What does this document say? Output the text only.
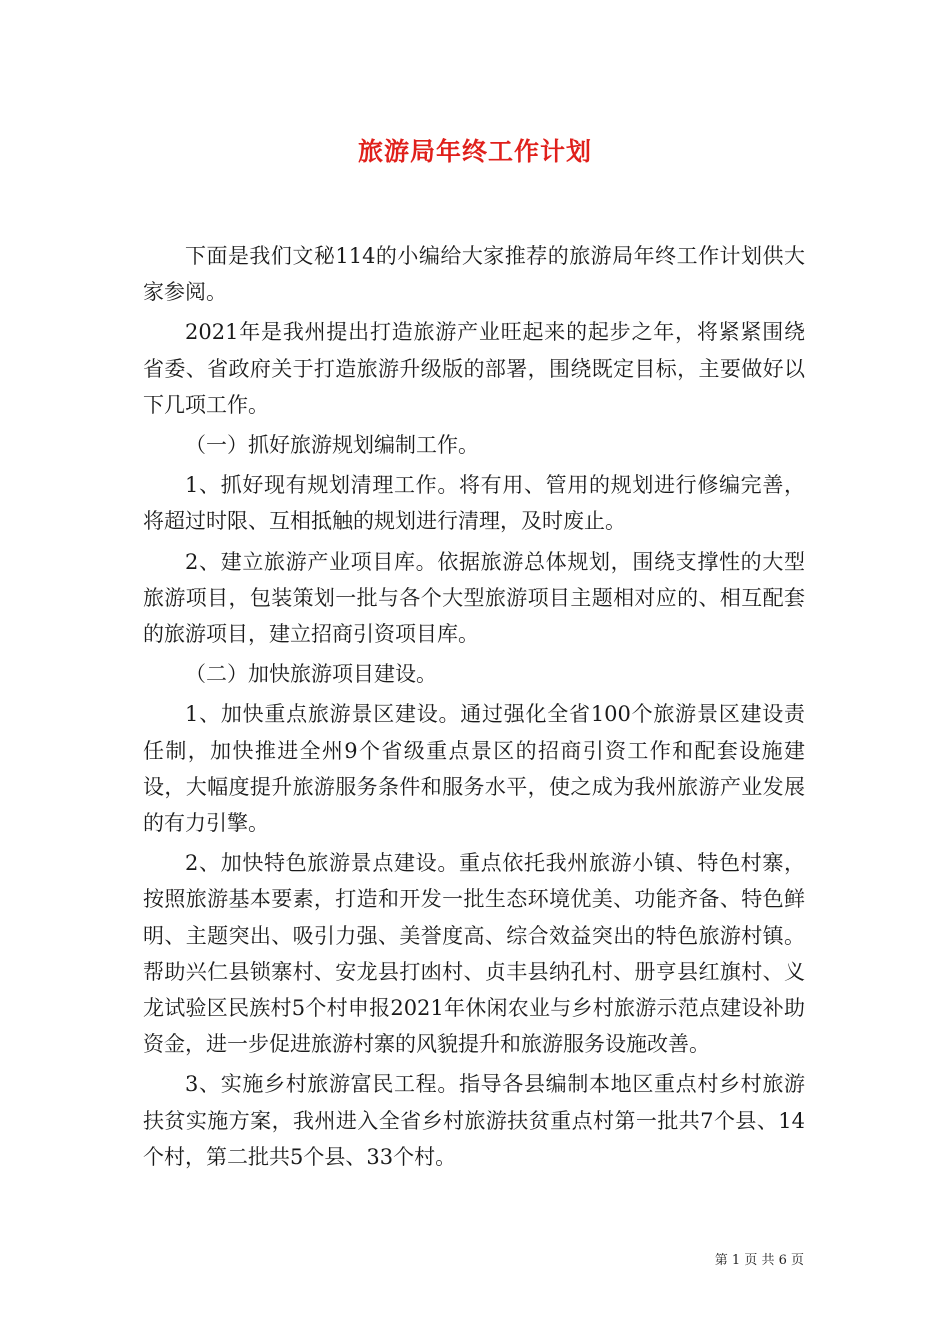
旅游局年终工作计划

下面是我们文秘114的小编给大家推荐的旅游局年终工作计划供大家参阅。

2021年是我州提出打造旅游产业旺起来的起步之年，将紧紧围绕省委、省政府关于打造旅游升级版的部署，围绕既定目标，主要做好以下几项工作。

（一）抓好旅游规划编制工作。

1、抓好现有规划清理工作。将有用、管用的规划进行修编完善，将超过时限、互相抵触的规划进行清理，及时废止。

2、建立旅游产业项目库。依据旅游总体规划，围绕支撑性的大型旅游项目，包装策划一批与各个大型旅游项目主题相对应的、相互配套的旅游项目，建立招商引资项目库。

（二）加快旅游项目建设。

1、加快重点旅游景区建设。通过强化全省100个旅游景区建设责任制，加快推进全州9个省级重点景区的招商引资工作和配套设施建设，大幅度提升旅游服务条件和服务水平，使之成为我州旅游产业发展的有力引擎。

2、加快特色旅游景点建设。重点依托我州旅游小镇、特色村寨，按照旅游基本要素，打造和开发一批生态环境优美、功能齐备、特色鲜明、主题突出、吸引力强、美誉度高、综合效益突出的特色旅游村镇。帮助兴仁县锁寨村、安龙县打凼村、贞丰县纳孔村、册亨县红旗村、义龙试验区民族村5个村申报2021年休闲农业与乡村旅游示范点建设补助资金，进一步促进旅游村寨的风貌提升和旅游服务设施改善。

3、实施乡村旅游富民工程。指导各县编制本地区重点村乡村旅游扶贫实施方案，我州进入全省乡村旅游扶贫重点村第一批共7个县、14个村，第二批共5个县、33个村。

第 1 页 共 6 页
